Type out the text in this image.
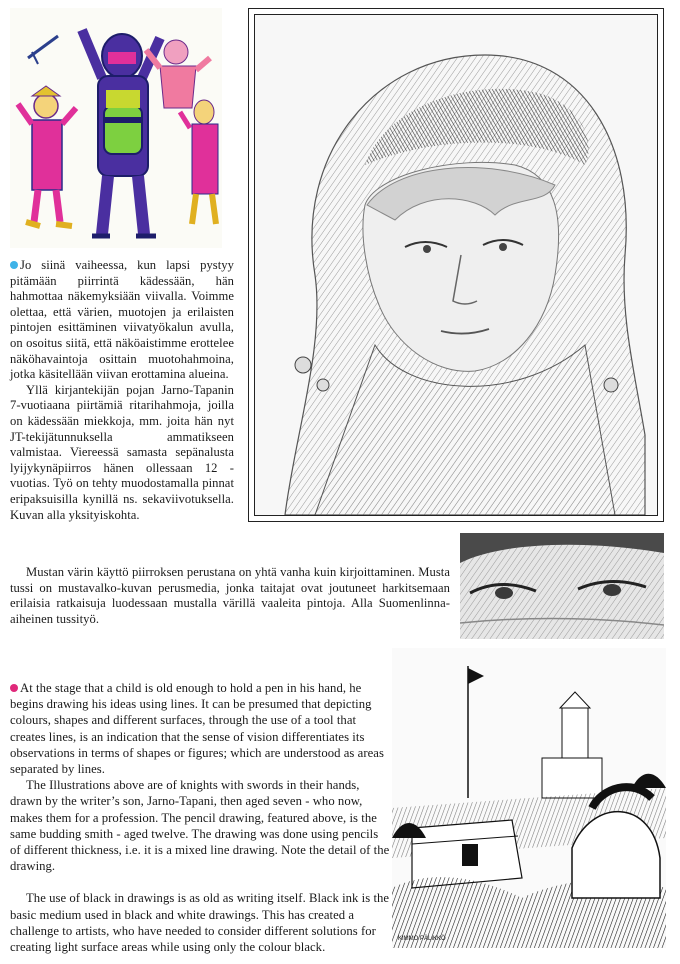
Jo siinä vaiheessa, kun lapsi pystyy pitämään piirrintä kädessään, hän hahmottaa näkemyksiään viivalla. Voimme olettaa, että värien, muotojen ja erilaisten pintojen esittäminen viivatyökalun avulla, on osoitus siitä, että näköaistimme erottelee näköhavaintoja osittain muotohahmoina, jotka käsitellään viivan erottamina alueina.

Yllä kirjantekijän pojan Jarno-Tapanin 7-vuotiaana piirtämiä ritarihahmoja, joilla on kädessään miekkoja, mm. joita hän nyt JT-tekijätunnuksella ammatikseen valmistaa. Viereessä samasta sepänalusta lyijykynäpiirros hänen ollessaan 12 -vuotias. Työ on tehty muodostamalla pinnat eripaksuisilla kynillä ns. sekaviivotuksella. Kuvan alla yksityiskohta.

Mustan värin käyttö piirroksen perustana on yhtä vanha kuin kirjoittaminen. Musta tussi on mustavalko-kuvan perusmedia, jonka taitajat ovat joutuneet harkitsemaan erilaisia ratkaisuja luodessaan mustalla värillä vaaleita pintoja. Alla Suomenlinna-aiheinen tussityö.

At the stage that a child is old enough to hold a pen in his hand, he begins drawing his ideas using lines. It can be presumed that depicting colours, shapes and different surfaces, through the use of a tool that creates lines, is an indication that the sense of vision differentiates its observations in terms of shapes or figures; which are understood as areas separated by lines.

The Illustrations above are of knights with swords in their hands, drawn by the writer’s son, Jarno-Tapani, then aged seven - who now, makes them for a profession. The pencil drawing, featured above, is the same budding smith - aged twelve. The drawing was done using pencils of different thickness, i.e. it is a mixed line drawing. Note the detail of the drawing.

The use of black in drawings is as old as writing itself. Black ink is the basic medium used in black and white drawings. This has created a challenge to artists, who have needed to consider different solutions for creating light surface areas while using only the colour black.

KIMMO PÄLIKKÖ
